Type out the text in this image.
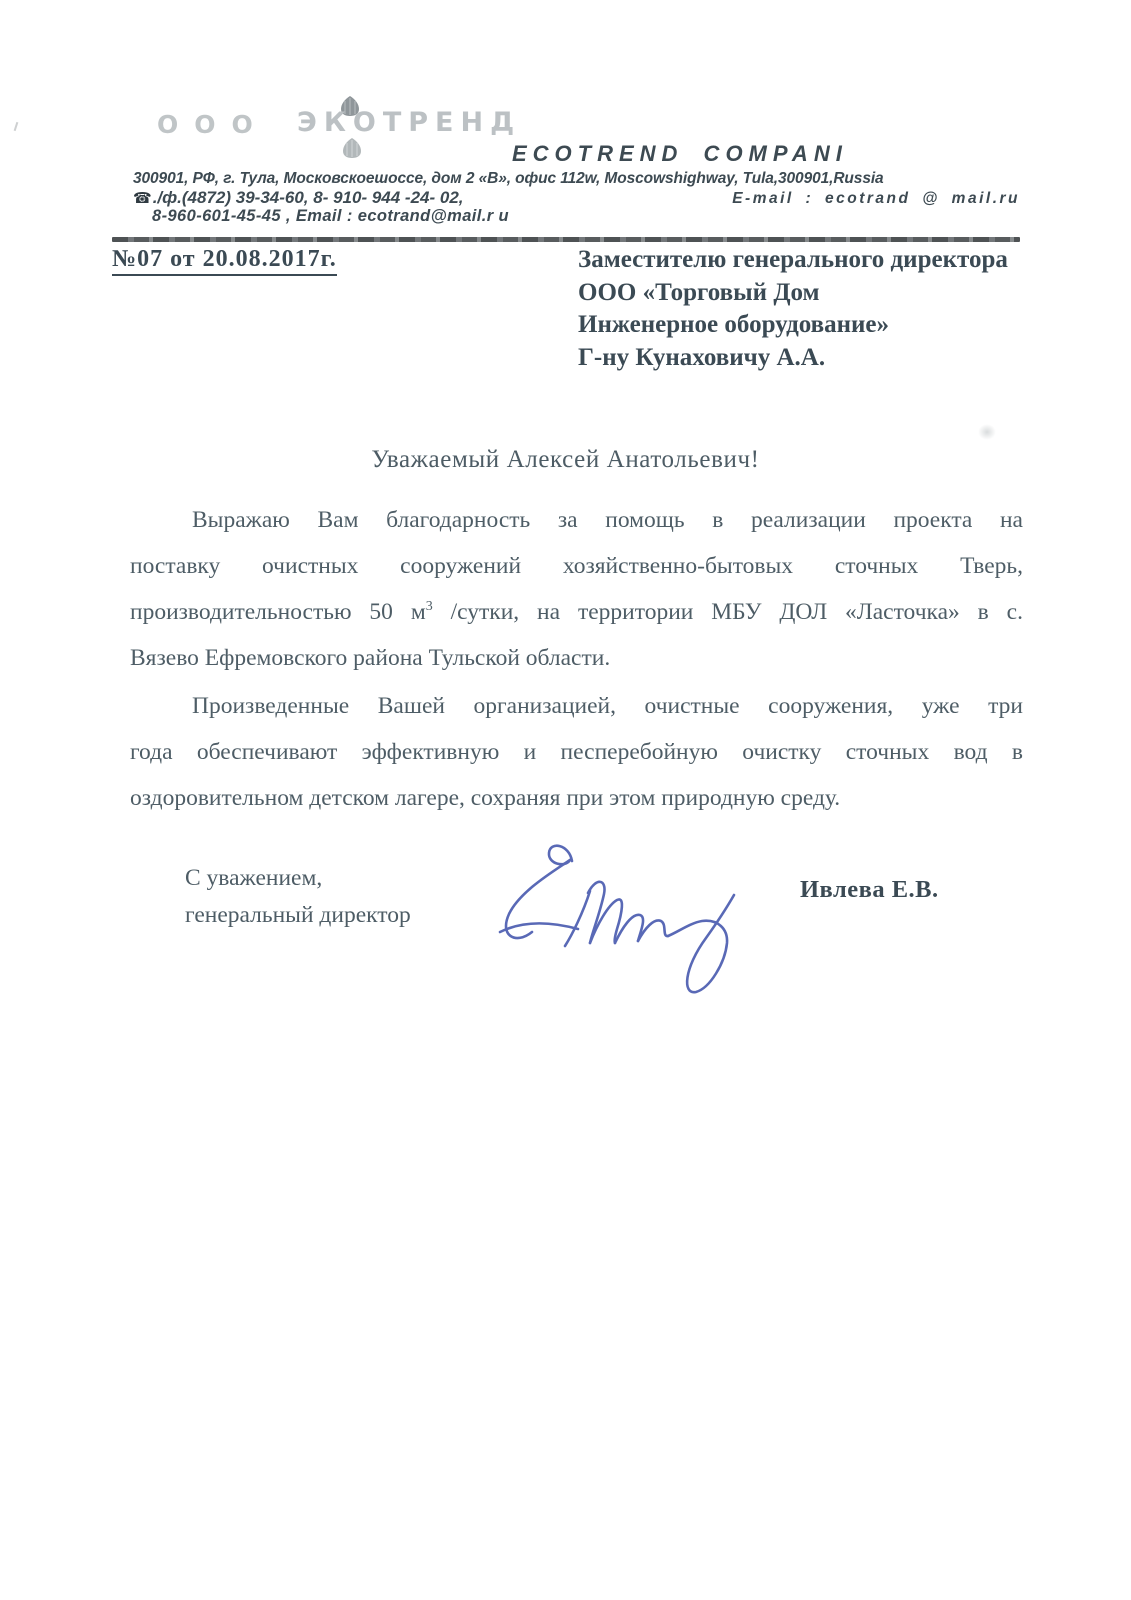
ООО ЭКОТРЕНД
ECOTREND COMPANI
300901, РФ, г. Тула, Московскоешоссе, дом 2 «В», офис 112w, Moscowshighway, Tula,300901,Russia
☎./ф.(4872) 39-34-60, 8- 910- 944 -24- 02,	E-mail : ecotrand @ mail.ru
8-960-601-45-45 , Email : ecotrand@mail.r u
№07 от 20.08.2017г.	Заместителю генерального директора
ООО «Торговый Дом
Инженерное оборудование»
Г-ну Кунаховичу А.А.
Уважаемый Алексей Анатольевич!
Выражаю Вам благодарность за помощь в реализации проекта на
поставку очистных сооружений хозяйственно-бытовых сточных Тверь,
производительностью 50 $м^3$ /сутки, на территории МБУ ДОЛ «Ласточка» в с.
Вязево Ефремовского района Тульской области.
Произведенные Вашей организацией, очистные сооружения, уже три
года обеспечивают эффективную и песперебойную очистку сточных вод в
оздоровительном детском лагере, сохраняя при этом природную среду.
С уважением,
генеральный директор
Ивлева Е.В.
